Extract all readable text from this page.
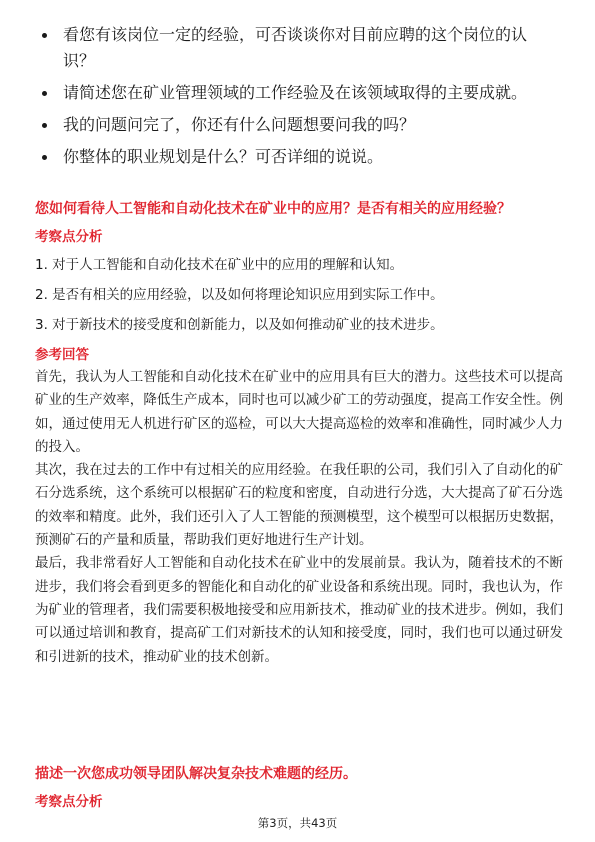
看您有该岗位一定的经验，可否谈谈你对目前应聘的这个岗位的认识？
请简述您在矿业管理领域的工作经验及在该领域取得的主要成就。
我的问题问完了，你还有什么问题想要问我的吗？
你整体的职业规划是什么？可否详细的说说。
您如何看待人工智能和自动化技术在矿业中的应用？是否有相关的应用经验？
考察点分析
1. 对于人工智能和自动化技术在矿业中的应用的理解和认知。
2. 是否有相关的应用经验，以及如何将理论知识应用到实际工作中。
3. 对于新技术的接受度和创新能力，以及如何推动矿业的技术进步。
参考回答
首先，我认为人工智能和自动化技术在矿业中的应用具有巨大的潜力。这些技术可以提高矿业的生产效率，降低生产成本，同时也可以减少矿工的劳动强度，提高工作安全性。例如，通过使用无人机进行矿区的巡检，可以大大提高巡检的效率和准确性，同时减少人力的投入。
其次，我在过去的工作中有过相关的应用经验。在我任职的公司，我们引入了自动化的矿石分选系统，这个系统可以根据矿石的粒度和密度，自动进行分选，大大提高了矿石分选的效率和精度。此外，我们还引入了人工智能的预测模型，这个模型可以根据历史数据，预测矿石的产量和质量，帮助我们更好地进行生产计划。
最后，我非常看好人工智能和自动化技术在矿业中的发展前景。我认为，随着技术的不断进步，我们将会看到更多的智能化和自动化的矿业设备和系统出现。同时，我也认为，作为矿业的管理者，我们需要积极地接受和应用新技术，推动矿业的技术进步。例如，我们可以通过培训和教育，提高矿工们对新技术的认知和接受度，同时，我们也可以通过研发和引进新的技术，推动矿业的技术创新。
描述一次您成功领导团队解决复杂技术难题的经历。
考察点分析
第3页，共43页
